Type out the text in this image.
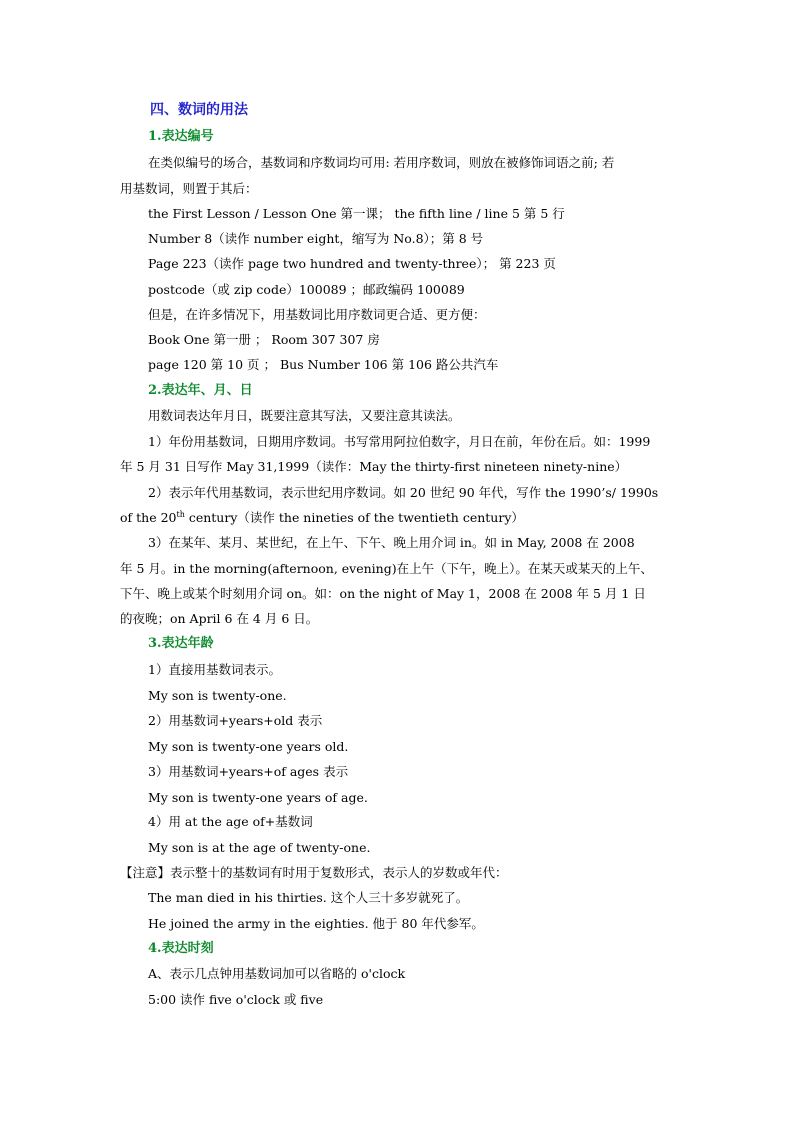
四、数词的用法
1.表达编号
在类似编号的场合，基数词和序数词均可用: 若用序数词，则放在被修饰词语之前; 若
用基数词，则置于其后：
the First Lesson / Lesson One 第一课； the fifth line / line 5 第 5 行
Number 8（读作 number eight，缩写为 No.8）；第 8 号
Page 223（读作 page two hundred and twenty-three）； 第 223 页
postcode（或 zip code）100089 ；邮政编码 100089
但是，在许多情况下，用基数词比用序数词更合适、更方便：
Book One 第一册 ； Room 307 307 房
page 120 第 10 页 ； Bus Number 106 第 106 路公共汽车
2.表达年、月、日
用数词表达年月日，既要注意其写法，又要注意其读法。
1）年份用基数词，日期用序数词。书写常用阿拉伯数字，月日在前，年份在后。如：1999
年 5 月 31 日写作 May 31,1999（读作：May the thirty-first nineteen ninety-nine）
2）表示年代用基数词，表示世纪用序数词。如 20 世纪 90 年代，写作 the 1990’s/ 1990s
of the 20th century（读作 the nineties of the twentieth century）
3）在某年、某月、某世纪，在上午、下午、晚上用介词 in。如 in May, 2008 在 2008
年 5 月。in the morning(afternoon, evening)在上午（下午，晚上）。在某天或某天的上午、
下午、晚上或某个时刻用介词 on。如：on the night of May 1，2008 在 2008 年 5 月 1 日
的夜晚；on April 6 在 4 月 6 日。
3.表达年龄
1）直接用基数词表示。
My son is twenty-one.
2）用基数词+years+old 表示
My son is twenty-one years old.
3）用基数词+years+of ages 表示
My son is twenty-one years of age.
4）用 at the age of+基数词
My son is at the age of twenty-one.
【注意】表示整十的基数词有时用于复数形式，表示人的岁数或年代：
The man died in his thirties. 这个人三十多岁就死了。
He joined the army in the eighties. 他于 80 年代参军。
4.表达时刻
A、表示几点钟用基数词加可以省略的 o'clock
5:00 读作 five o'clock 或 five
